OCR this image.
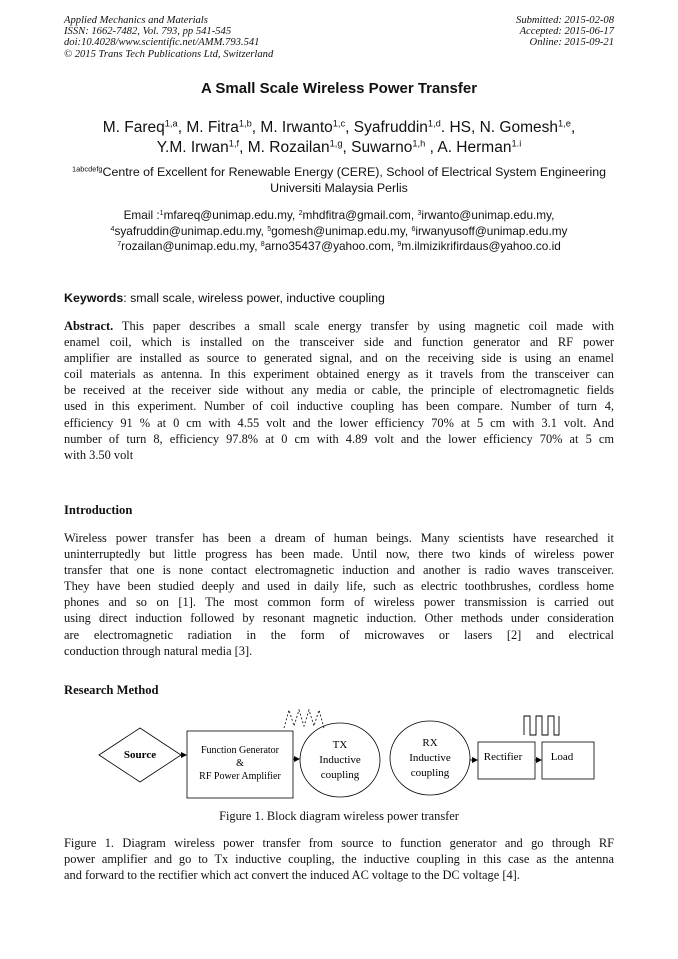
Applied Mechanics and Materials
ISSN: 1662-7482, Vol. 793, pp 541-545
doi:10.4028/www.scientific.net/AMM.793.541
© 2015 Trans Tech Publications Ltd, Switzerland
Submitted: 2015-02-08
Accepted: 2015-06-17
Online: 2015-09-21
A Small Scale Wireless Power Transfer
M. Fareq$^{1,a}$, M. Fitra$^{1,b}$, M. Irwanto$^{1,c}$, Syafruddin$^{1,d}$. HS, N. Gomesh$^{1,e}$,
Y.M. Irwan$^{1,f}$, M. Rozailan$^{1,g}$, Suwarno$^{1,h}$ , A. Herman$^{1.i}$
$^{1abcdefg}$Centre of Excellent for Renewable Energy (CERE), School of Electrical System Engineering
Universiti Malaysia Perlis
Email :$^1$mfareq@unimap.edu.my, $^2$mhdfitra@gmail.com, $^3$irwanto@unimap.edu.my,
$^4$syafruddin@unimap.edu.my, $^5$gomesh@unimap.edu.my, $^6$irwanyusoff@unimap.edu.my
$^7$rozailan@unimap.edu.my, $^8$arno35437@yahoo.com, $^9$m.ilmizikrifirdaus@yahoo.co.id
Keywords: small scale, wireless power, inductive coupling
Abstract. This paper describes a small scale energy transfer by using magnetic coil made with
enamel coil, which is installed on the transceiver side and function generator and RF power
amplifier are installed as source to generated signal, and on the receiving side is using an enamel
coil materials as antenna. In this experiment obtained energy as it travels from the transceiver can
be received at the receiver side without any media or cable, the principle of electromagnetic fields
used in this experiment. Number of coil inductive coupling has been compare. Number of turn 4,
efficiency 91 % at 0 cm with 4.55 volt and the lower efficiency 70% at 5 cm with 3.1 volt. And
number of turn 8, efficiency 97.8% at 0 cm with 4.89 volt and the lower efficiency 70% at 5 cm
with 3.50 volt
Introduction
Wireless power transfer has been a dream of human beings. Many scientists have researched it
uninterruptedly but little progress has been made. Until now, there two kinds of wireless power
transfer that one is none contact electromagnetic induction and another is radio waves transceiver.
They have been studied deeply and used in daily life, such as electric toothbrushes, cordless home
phones and so on [1]. The most common form of wireless power transmission is carried out
using direct induction followed by resonant magnetic induction. Other methods under consideration
are electromagnetic radiation in the form of microwaves or lasers [2] and electrical
conduction through natural media [3].
Research Method
Source	Function Generator
&
RF Power Amplifier
TX
Inductive
coupling
RX
Inductive
coupling
Rectifier	Load
Figure 1. Block diagram wireless power transfer
Figure 1. Diagram wireless power transfer from source to function generator and go through RF
power amplifier and go to Tx inductive coupling, the inductive coupling in this case as the antenna
and forward to the rectifier which act convert the induced AC voltage to the DC voltage [4].
